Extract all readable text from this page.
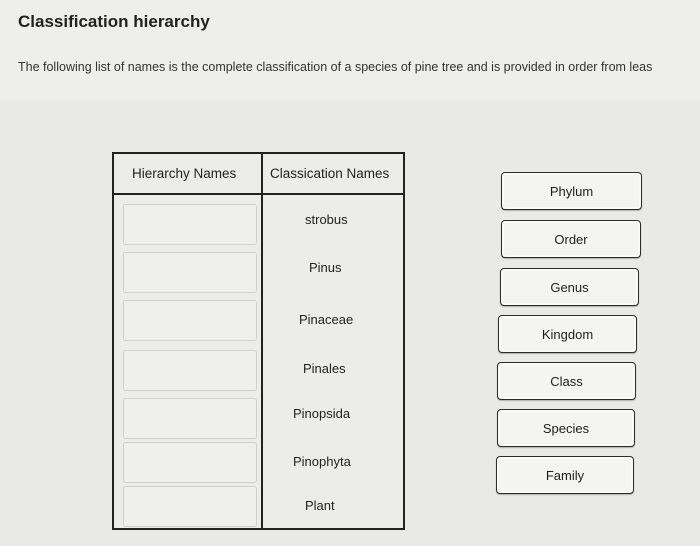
Classification hierarchy
The following list of names is the complete classification of a species of pine tree and is provided in order from leas
Hierarchy Names Classication Names
strobus
Pinus
Pinaceae
Pinales
Pinopsida
Pinophyta
Plant
Phylum
Order
Genus
Kingdom
Class
Species
Family
